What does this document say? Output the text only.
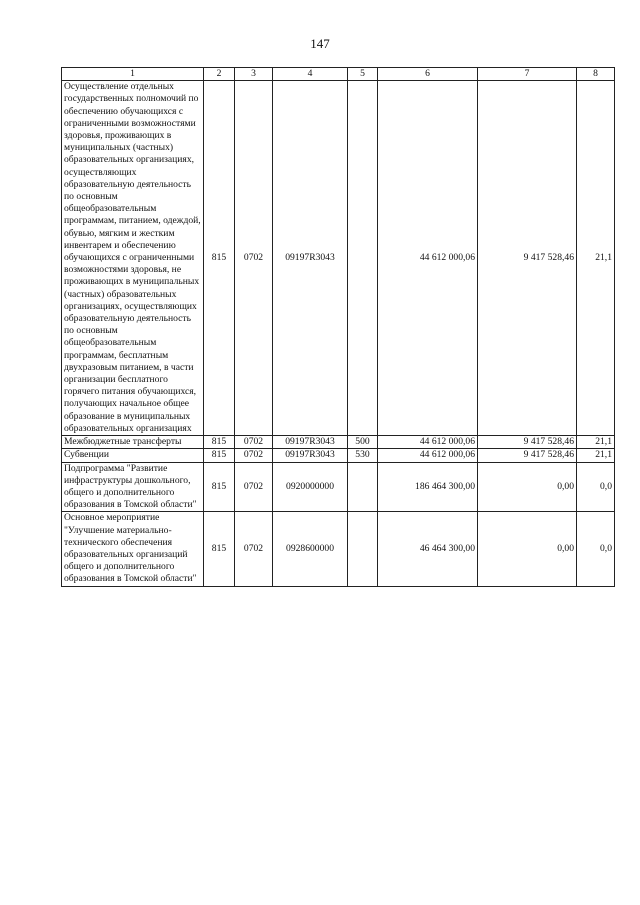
147
1	2	3	4	5	6	7	8

Осуществление отдельных государственных полномочий по обеспечению обучающихся с ограниченными возможностями здоровья, проживающих в муниципальных (частных) образовательных организациях, осуществляющих образовательную деятельность по основным общеобразовательным программам, питанием, одеждой, обувью, мягким и жестким инвентарем и обеспечению обучающихся с ограниченными возможностями здоровья, не проживающих в муниципальных (частных) образовательных организациях, осуществляющих образовательную деятельность по основным общеобразовательным программам, бесплатным двухразовым питанием, в части организации бесплатного горячего питания обучающихся, получающих начальное общее образование в муниципальных образовательных организациях	815	0702	09197R3043		44 612 000,06	9 417 528,46	21,1

Межбюджетные трансферты	815	0702	09197R3043	500	44 612 000,06	9 417 528,46	21,1

Субвенции	815	0702	09197R3043	530	44 612 000,06	9 417 528,46	21,1

Подпрограмма "Развитие инфраструктуры дошкольного, общего и дополнительного образования в Томской области"	815	0702	0920000000		186 464 300,00	0,00	0,0

Основное мероприятие "Улучшение материально-технического обеспечения образовательных организаций общего и дополнительного образования в Томской области"	815	0702	0928600000		46 464 300,00	0,00	0,0
